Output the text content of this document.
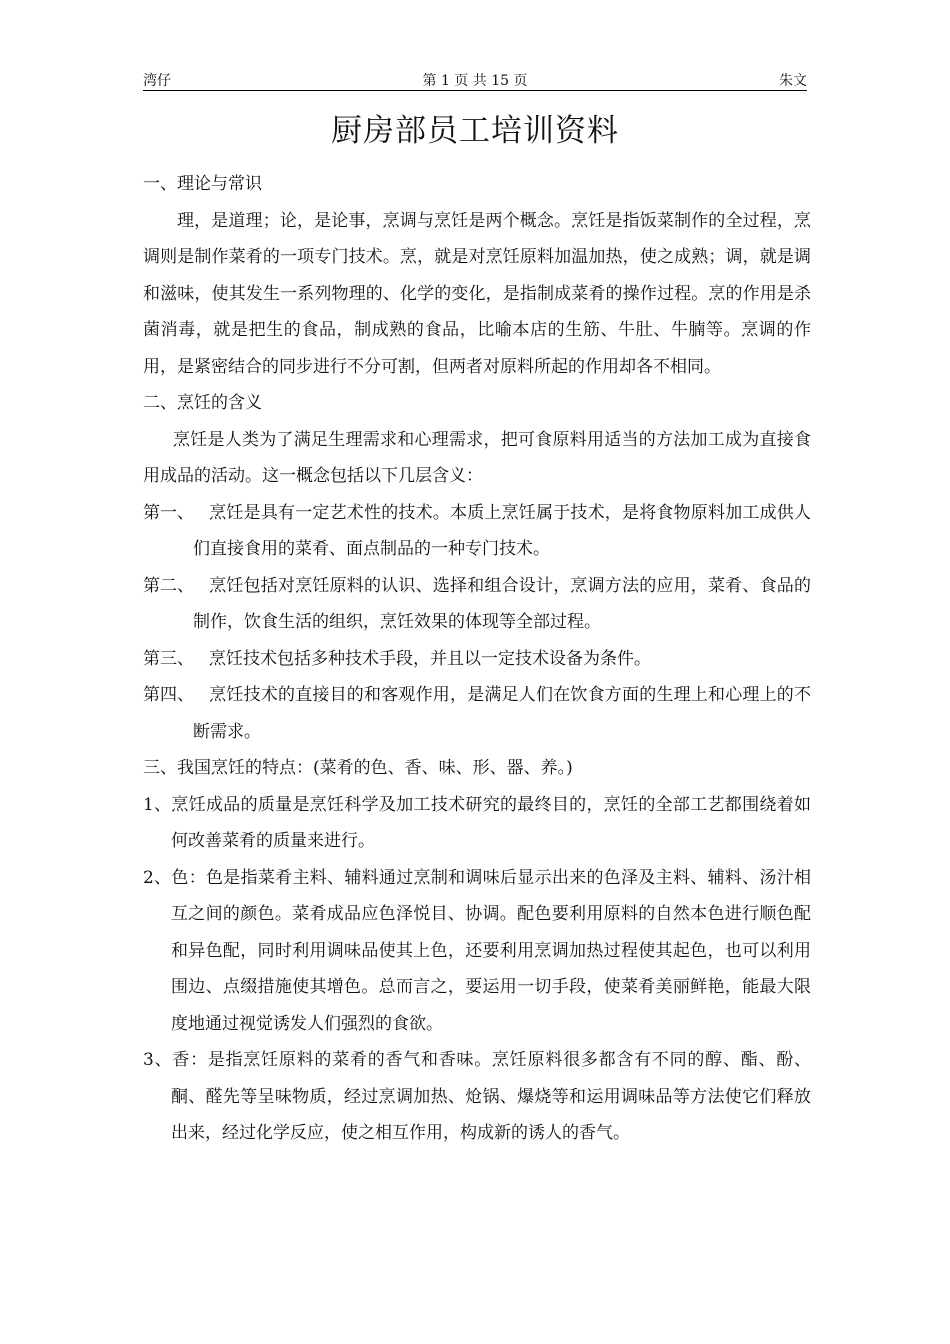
湾仔	第 1 页 共 15 页	朱文
厨房部员工培训资料

一、理论与常识

理，是道理；论，是论事，烹调与烹饪是两个概念。烹饪是指饭菜制作的全过程，烹调则是制作菜肴的一项专门技术。烹，就是对烹饪原料加温加热，使之成熟；调，就是调和滋味，使其发生一系列物理的、化学的变化，是指制成菜肴的操作过程。烹的作用是杀菌消毒，就是把生的食品，制成熟的食品，比喻本店的生筋、牛肚、牛腩等。烹调的作用，是紧密结合的同步进行不分可割，但两者对原料所起的作用却各不相同。

二、烹饪的含义

烹饪是人类为了满足生理需求和心理需求，把可食原料用适当的方法加工成为直接食用成品的活动。这一概念包括以下几层含义：

第一、 烹饪是具有一定艺术性的技术。本质上烹饪属于技术，是将食物原料加工成供人们直接食用的菜肴、面点制品的一种专门技术。

第二、 烹饪包括对烹饪原料的认识、选择和组合设计，烹调方法的应用，菜肴、食品的制作，饮食生活的组织，烹饪效果的体现等全部过程。

第三、 烹饪技术包括多种技术手段，并且以一定技术设备为条件。

第四、 烹饪技术的直接目的和客观作用，是满足人们在饮食方面的生理上和心理上的不断需求。

三、我国烹饪的特点：(菜肴的色、香、味、形、器、养。)

1、烹饪成品的质量是烹饪科学及加工技术研究的最终目的，烹饪的全部工艺都围绕着如何改善菜肴的质量来进行。

2、色：色是指菜肴主料、辅料通过烹制和调味后显示出来的色泽及主料、辅料、汤汁相互之间的颜色。菜肴成品应色泽悦目、协调。配色要利用原料的自然本色进行顺色配和异色配，同时利用调味品使其上色，还要利用烹调加热过程使其起色，也可以利用围边、点缀措施使其增色。总而言之，要运用一切手段，使菜肴美丽鲜艳，能最大限度地通过视觉诱发人们强烈的食欲。

3、香：是指烹饪原料的菜肴的香气和香味。烹饪原料很多都含有不同的醇、酯、酚、酮、醛先等呈味物质，经过烹调加热、炝锅、爆烧等和运用调味品等方法使它们释放出来，经过化学反应，使之相互作用，构成新的诱人的香气。
